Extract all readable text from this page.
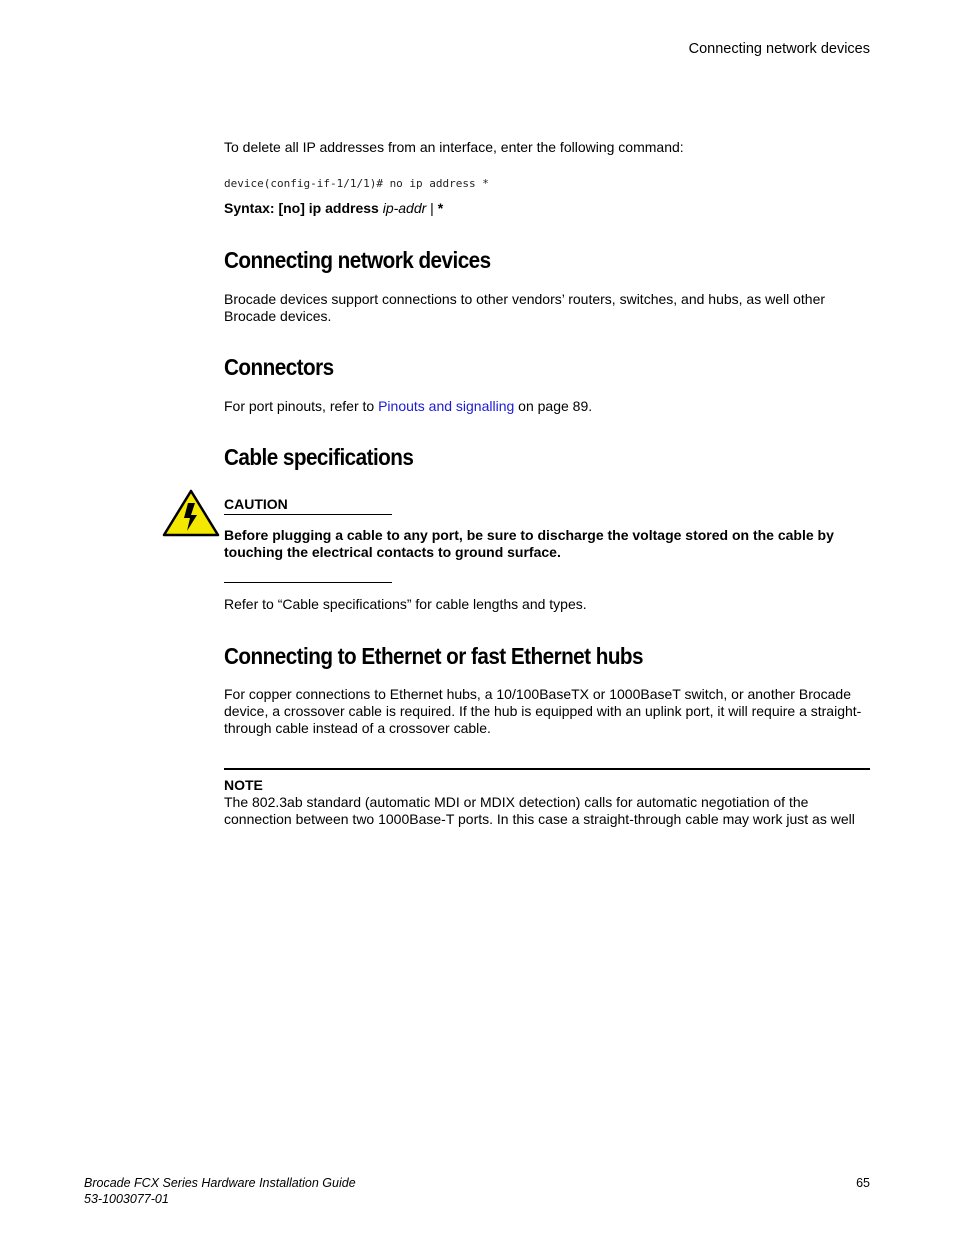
Connecting network devices
To delete all IP addresses from an interface, enter the following command:
device(config-if-1/1/1)# no ip address *
Syntax: [no] ip address ip-addr | *
Connecting network devices
Brocade devices support connections to other vendors’ routers, switches, and hubs, as well other Brocade devices.
Connectors
For port pinouts, refer to Pinouts and signalling on page 89.
Cable specifications
CAUTION
Before plugging a cable to any port, be sure to discharge the voltage stored on the cable by touching the electrical contacts to ground surface.
Refer to “Cable specifications” for cable lengths and types.
Connecting to Ethernet or fast Ethernet hubs
For copper connections to Ethernet hubs, a 10/100BaseTX or 1000BaseT switch, or another Brocade device, a crossover cable is required. If the hub is equipped with an uplink port, it will require a straight-through cable instead of a crossover cable.
NOTE
The 802.3ab standard (automatic MDI or MDIX detection) calls for automatic negotiation of the connection between two 1000Base-T ports. In this case a straight-through cable may work just as well
Brocade FCX Series Hardware Installation Guide
53-1003077-01
65
